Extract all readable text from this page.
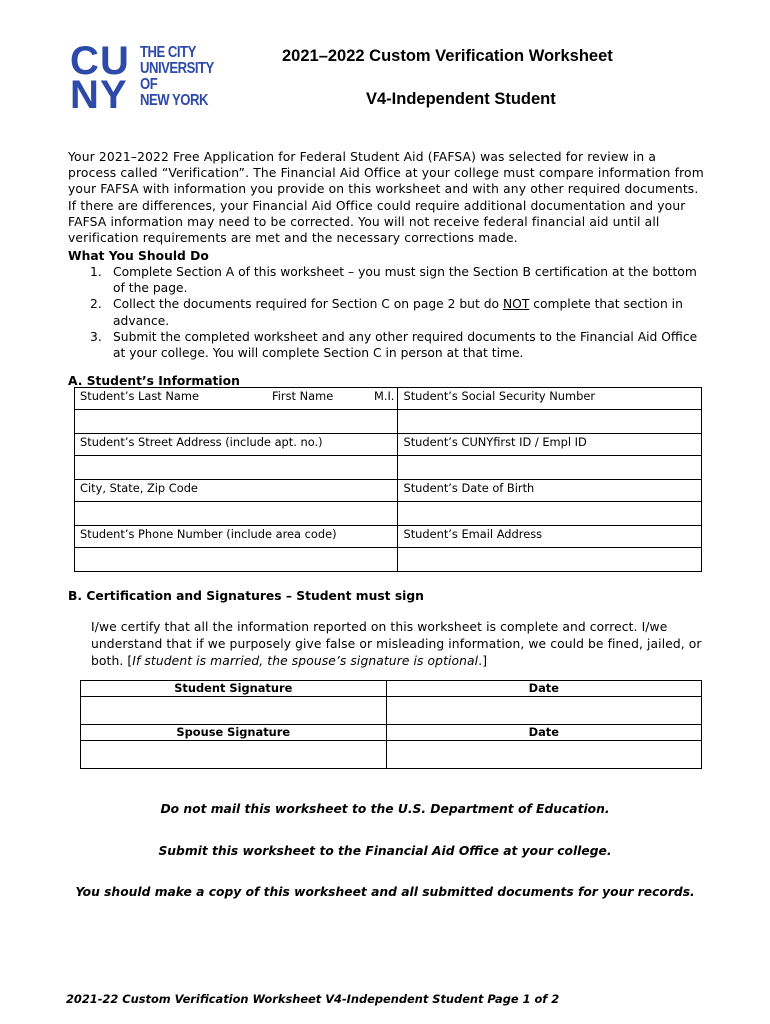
C U
N Y
THE CITY
UNIVERSITY
OF
NEW YORK
2021–2022 Custom Verification Worksheet
V4-Independent Student

Your 2021–2022 Free Application for Federal Student Aid (FAFSA) was selected for review in a process called “Verification”. The Financial Aid Office at your college must compare information from your FAFSA with information you provide on this worksheet and with any other required documents. If there are differences, your Financial Aid Office could require additional documentation and your FAFSA information may need to be corrected. You will not receive federal financial aid until all verification requirements are met and the necessary corrections made.

What You Should Do
1. Complete Section A of this worksheet – you must sign the Section B certification at the bottom of the page.
2. Collect the documents required for Section C on page 2 but do NOT complete that section in advance.
3. Submit the completed worksheet and any other required documents to the Financial Aid Office at your college. You will complete Section C in person at that time.
A. Student’s Information
Student’s Last Name First Name M.I.	Student’s Social Security Number

Student’s Street Address (include apt. no.)	Student’s CUNYfirst ID / Empl ID

City, State, Zip Code	Student’s Date of Birth

Student’s Phone Number (include area code)	Student’s Email Address

B. Certification and Signatures – Student must sign

I/we certify that all the information reported on this worksheet is complete and correct. I/we understand that if we purposely give false or misleading information, we could be fined, jailed, or both. [If student is married, the spouse’s signature is optional.]

Student Signature	Date

Spouse Signature	Date

Do not mail this worksheet to the U.S. Department of Education.
Submit this worksheet to the Financial Aid Office at your college.
You should make a copy of this worksheet and all submitted documents for your records.
2021-22 Custom Verification Worksheet V4-Independent Student Page 1 of 2
